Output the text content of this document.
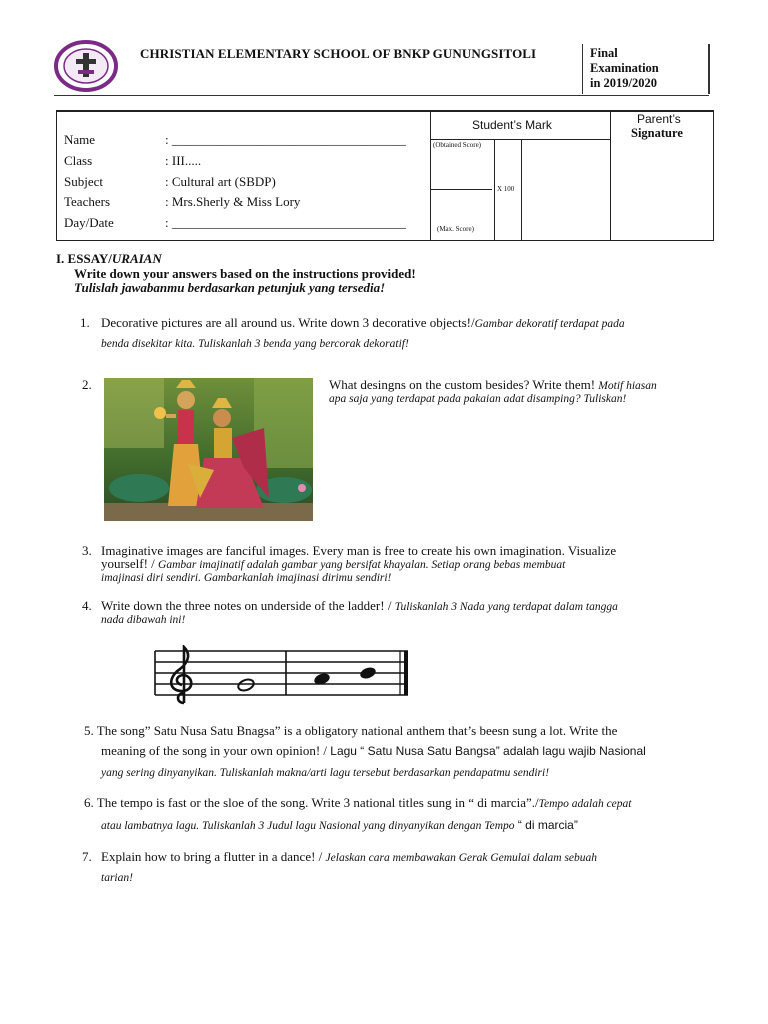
CHRISTIAN ELEMENTARY SCHOOL OF BNKP GUNUNGSITOLI	Final
Examination
in 2019/2020
Name	: ____________________________________
Class	: III.....
Subject	: Cultural art (SBDP)
Teachers	: Mrs.Sherly & Miss Lory
Day/Date	: ____________________________________
Student’s Mark
(Obtained Score)
(Max. Score)
X 100
Parent’s
Signature
I. ESSAY/URAIAN
Write down your answers based on the instructions provided!
Tulislah jawabanmu berdasarkan petunjuk yang tersedia!
1. Decorative pictures are all around us. Write down 3 decorative objects!/Gambar dekoratif terdapat pada
benda disekitar kita. Tuliskanlah 3 benda yang bercorak dekoratif!
2.	What desingns on the custom besides? Write them! Motif hiasan
apa saja yang terdapat pada pakaian adat disamping? Tuliskan!
3. Imaginative images are fanciful images. Every man is free to create his own imagination. Visualize
yourself! / Gambar imajinatif adalah gambar yang bersifat khayalan. Setiap orang bebas membuat
imajinasi diri sendiri. Gambarkanlah imajinasi dirimu sendiri!
4. Write down the three notes on underside of the ladder! / Tuliskanlah 3 Nada yang terdapat dalam tangga
nada dibawah ini!
5. The song” Satu Nusa Satu Bnagsa” is a obligatory national anthem that’s beesn sung a lot. Write the
meaning of the song in your own opinion! / Lagu “ Satu Nusa Satu Bangsa” adalah lagu wajib Nasional
yang sering dinyanyikan. Tuliskanlah makna/arti lagu tersebut berdasarkan pendapatmu sendiri!
6. The tempo is fast or the sloe of the song. Write 3 national titles sung in “ di marcia”./Tempo adalah cepat
atau lambatnya lagu. Tuliskanlah 3 Judul lagu Nasional yang dinyanyikan dengan Tempo “ di marcia”
7. Explain how to bring a flutter in a dance! / Jelaskan cara membawakan Gerak Gemulai dalam sebuah
tarian!
